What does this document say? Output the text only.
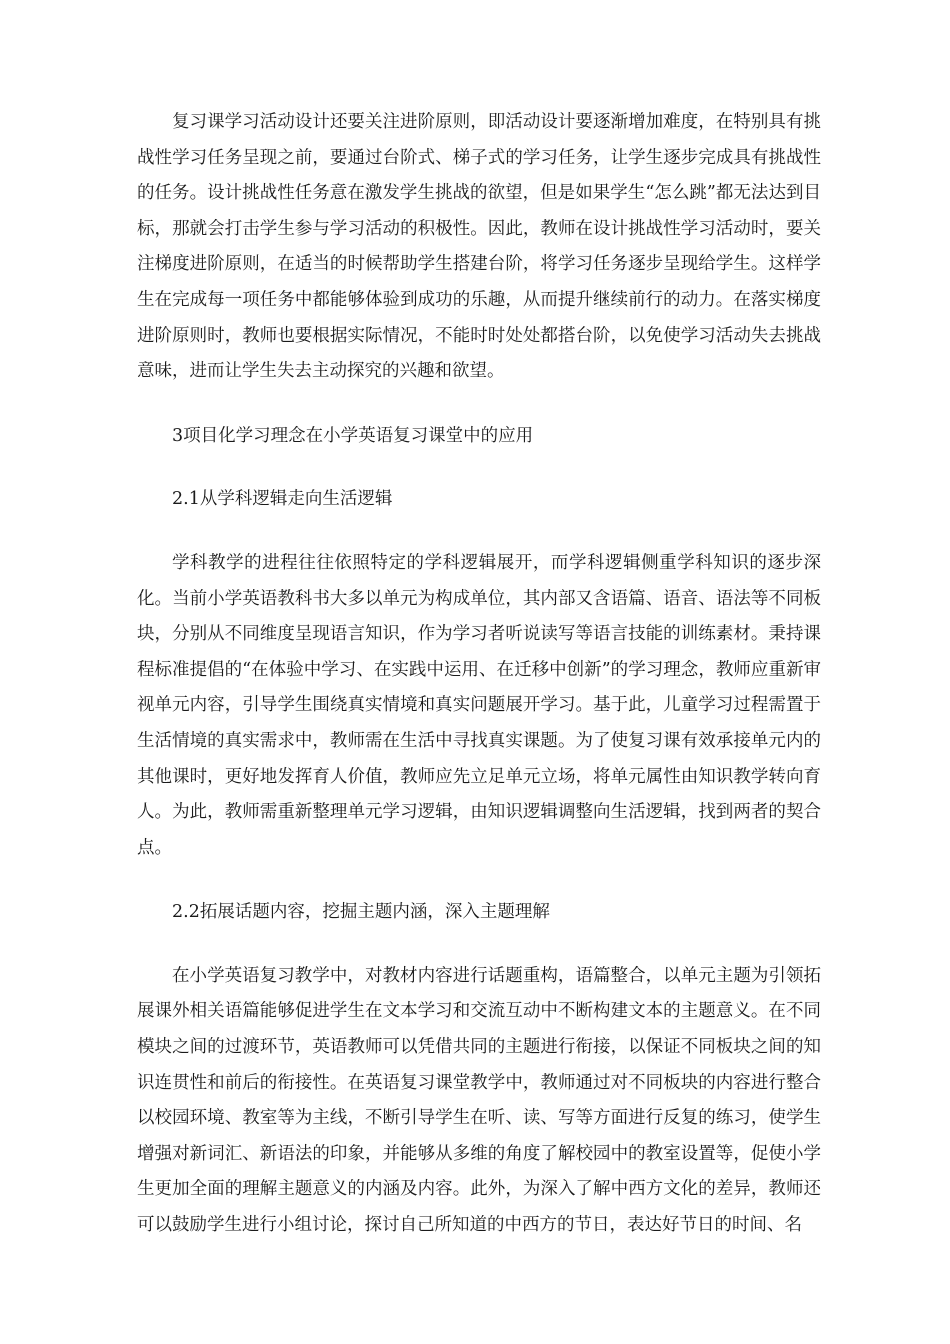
复习课学习活动设计还要关注进阶原则，即活动设计要逐渐增加难度，在特别具有挑战性学习任务呈现之前，要通过台阶式、梯子式的学习任务，让学生逐步完成具有挑战性的任务。设计挑战性任务意在激发学生挑战的欲望，但是如果学生“怎么跳”都无法达到目标，那就会打击学生参与学习活动的积极性。因此，教师在设计挑战性学习活动时，要关注梯度进阶原则，在适当的时候帮助学生搭建台阶，将学习任务逐步呈现给学生。这样学生在完成每一项任务中都能够体验到成功的乐趣，从而提升继续前行的动力。在落实梯度进阶原则时，教师也要根据实际情况，不能时时处处都搭台阶，以免使学习活动失去挑战意味，进而让学生失去主动探究的兴趣和欲望。

3项目化学习理念在小学英语复习课堂中的应用

2.1从学科逻辑走向生活逻辑

学科教学的进程往往依照特定的学科逻辑展开，而学科逻辑侧重学科知识的逐步深化。当前小学英语教科书大多以单元为构成单位，其内部又含语篇、语音、语法等不同板块，分别从不同维度呈现语言知识，作为学习者听说读写等语言技能的训练素材。秉持课程标准提倡的“在体验中学习、在实践中运用、在迁移中创新”的学习理念，教师应重新审视单元内容，引导学生围绕真实情境和真实问题展开学习。基于此，儿童学习过程需置于生活情境的真实需求中，教师需在生活中寻找真实课题。为了使复习课有效承接单元内的其他课时，更好地发挥育人价值，教师应先立足单元立场，将单元属性由知识教学转向育人。为此，教师需重新整理单元学习逻辑，由知识逻辑调整向生活逻辑，找到两者的契合点。

2.2拓展话题内容，挖掘主题内涵，深入主题理解

在小学英语复习教学中，对教材内容进行话题重构，语篇整合，以单元主题为引领拓展课外相关语篇能够促进学生在文本学习和交流互动中不断构建文本的主题意义。在不同模块之间的过渡环节，英语教师可以凭借共同的主题进行衔接，以保证不同板块之间的知识连贯性和前后的衔接性。在英语复习课堂教学中，教师通过对不同板块的内容进行整合以校园环境、教室等为主线，不断引导学生在听、读、写等方面进行反复的练习，使学生增强对新词汇、新语法的印象，并能够从多维的角度了解校园中的教室设置等，促使小学生更加全面的理解主题意义的内涵及内容。此外，为深入了解中西方文化的差异，教师还可以鼓励学生进行小组讨论，探讨自己所知道的中西方的节日，表达好节日的时间、名
